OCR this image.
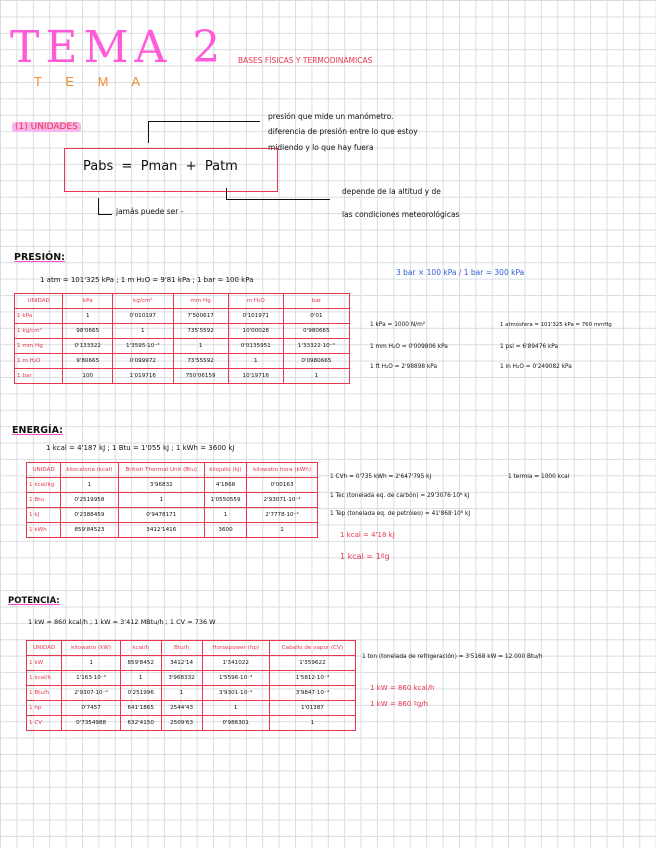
TEMA 2
T E M A
BASES FÍSICAS Y TERMODINÁMICAS
(1) UNIDADES
presión que mide un manómetro.
diferencia de presión entre lo que estoy
midiendo y lo que hay fuera
Pabs = Pman + Patm
depende de la altitud y de
las condiciones meteorológicas
jamás puede ser -
PRESIÓN:
1 atm = 101'325 kPa ; 1 m H₂O = 9'81 kPa ; 1 bar = 100 kPa
3 bar × 100 kPa / 1 bar = 300 kPa
UNIDAD	kPa	kg/cm²	mm Hg	m H₂O	bar
1 kPa	1	0'010197	7'500617	0'101971	0'01
1 kg/cm²	98'0665	1	735'5592	10'00028	0'980665
1 mm Hg	0'133322	1'3595·10⁻³	1	0'0135951	1'33322·10⁻³
1 m H₂O	9'80665	0'099972	73'55592	1	0'0980665
1 bar	100	1'019716	750'06159	10'19716	1
1 kPa = 1000 N/m²
1 mm H₂O = 0'009806 kPa
1 ft H₂O = 2'98898 kPa
1 atmósfera = 101'325 kPa = 760 mmHg
1 psi = 6'89476 kPa
1 in H₂O = 0'249082 kPa
ENERGÍA:
1 kcal = 4'187 kJ ; 1 Btu = 1'055 kJ ; 1 kWh = 3600 kJ
UNIDAD	kilocaloría (kcal)	British Thermal Unit (Btu)	kilojulio (kJ)	kilowatio hora (kWh)
1 kcal/kg	1	3'96832	4'1868	0'00163
1 Btu	0'2519958	1	1'0550559	2'93071·10⁻⁴
1 kJ	0'2388459	0'9478171	1	2'7778·10⁻⁴
1 kWh	859'84523	3412'1416	3600	1
1 CVh = 0'735 kWh = 2'647'795 kJ	1 termia = 1000 kcal
1 Tec (tonelada eq. de carbón) = 29'3076·10⁶ kJ
1 Tep (tonelada eq. de petróleo) = 41'868·10⁶ kJ
1 kcal = 4'18 kJ
1 kcal = 1ºg
POTENCIA:
1 kW = 860 kcal/h ; 1 kW = 3'412 MBtu/h ; 1 CV = 736 W
UNIDAD	kilowatio (kW)	kcal/h	Btu/h	Horsepower (hp)	Caballo de vapor (CV)
1 kW	1	859'8452	3412'14	1'341022	1'359622
1 kcal/h	1'163·10⁻³	1	3'968332	1'5596·10⁻³	1'5812·10⁻³
1 Btu/h	2'9307·10⁻⁴	0'251996	1	3'9301·10⁻⁴	3'9847·10⁻⁴
1 hp	0'7457	641'1865	2544'43	1	1'01387
1 CV	0'7354988	632'4150	2509'63	0'986301	1
1 ton (tonelada de refrigeración) = 3'5168 kW = 12.000 Btu/h
1 kW = 860 kcal/h
1 kW = 860 ºg/h
